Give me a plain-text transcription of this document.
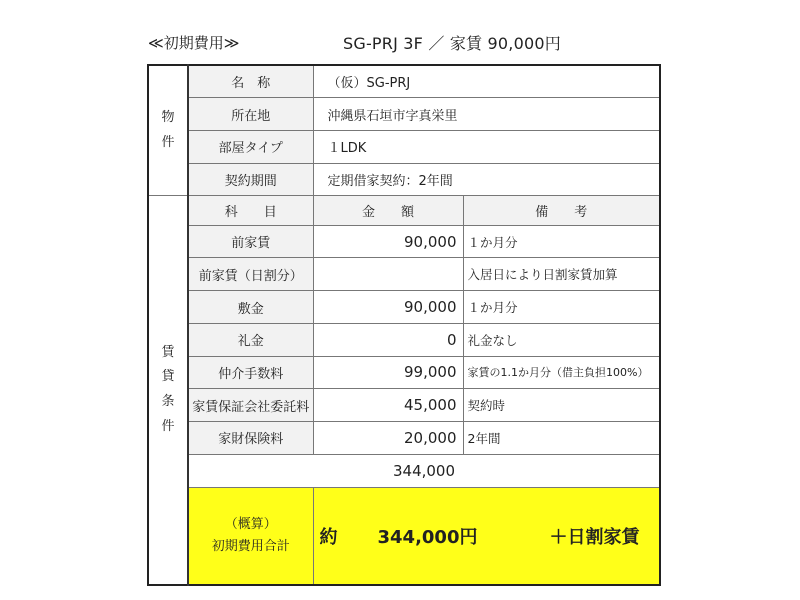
≪初期費用≫	SG-PRJ 3F ／ 家賃 90,000円
物
件	名　称	（仮）SG-PRJ	
	所在地	沖縄県石垣市字真栄里	
	部屋タイプ	１LDK	
	契約期間	定期借家契約：2年間	

賃
貸
条
件	科　　目	金　　額	備　　考
	前家賃	90,000	１か月分
	前家賃（日割分）		入居日により日割家賃加算
	敷金	90,000	１か月分
	礼金	0	礼金なし
	仲介手数料	99,000	家賃の1.1か月分（借主負担100%）
	家賃保証会社委託料	45,000	契約時
	家財保険料	20,000	2年間
	344,000		

	（概算）
初期費用合計	約 344,000円 ＋日割家賃	
